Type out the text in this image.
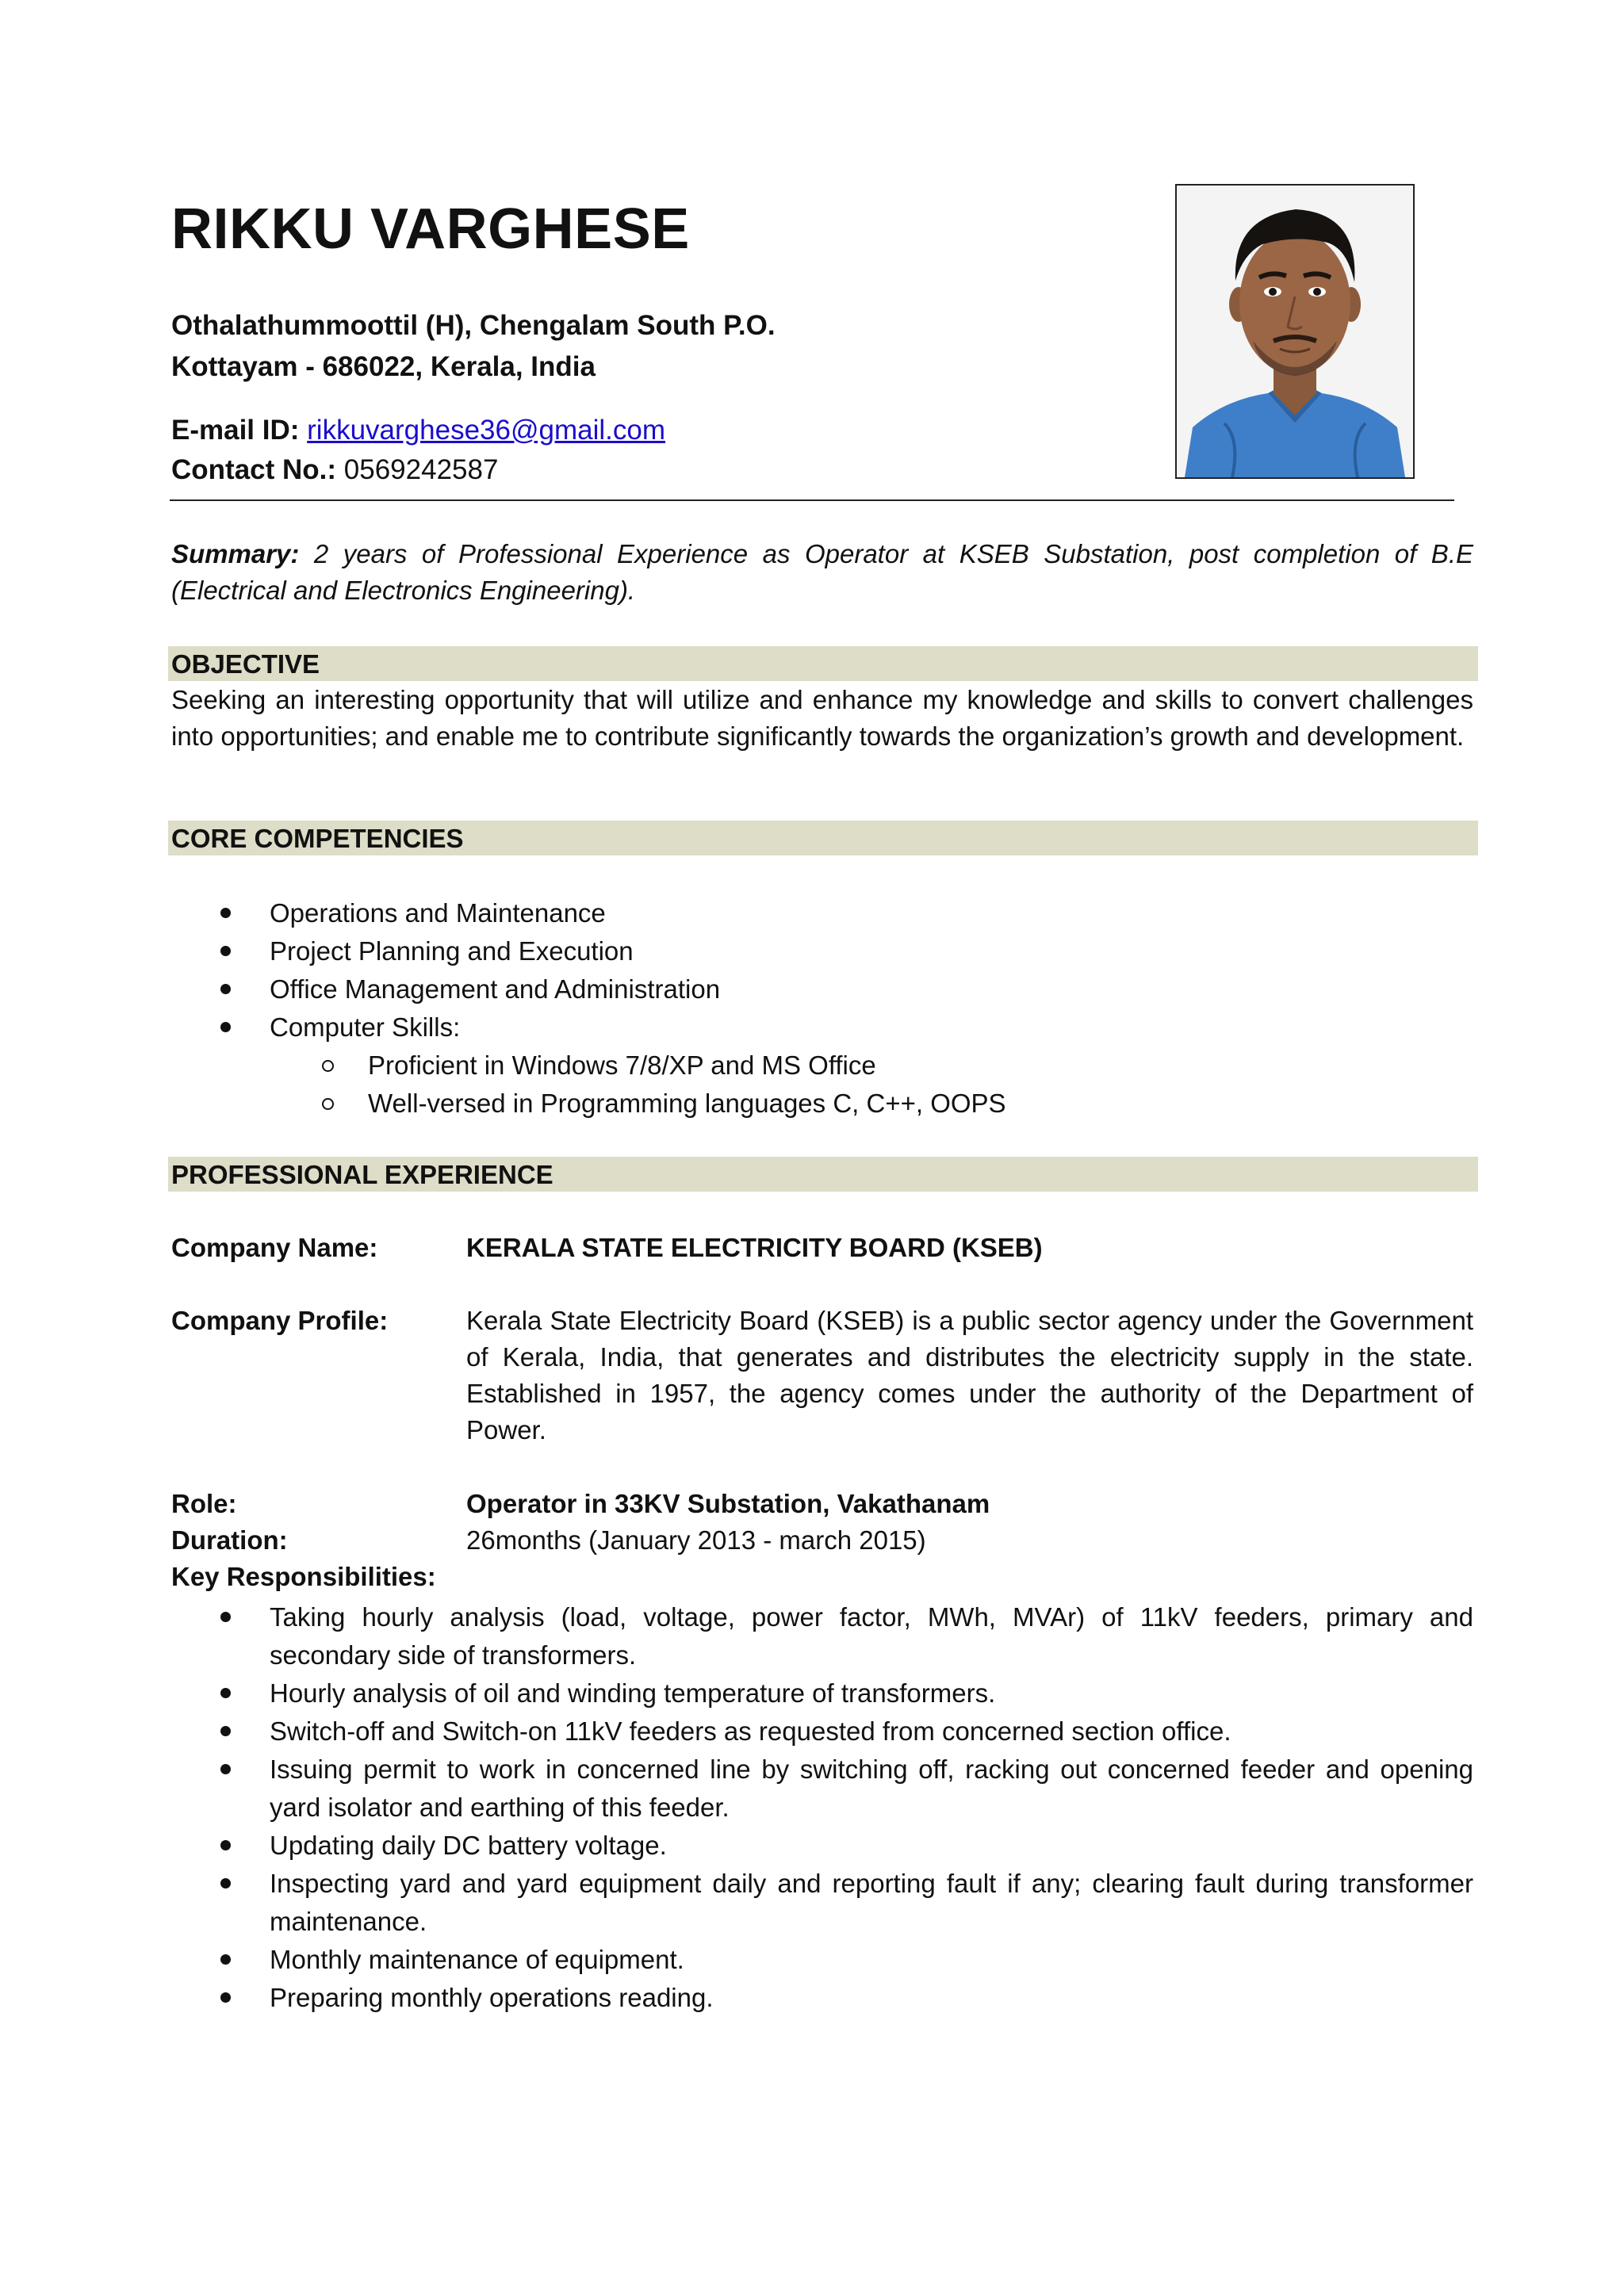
RIKKU VARGHESE
Othalathummoottil (H), Chengalam South P.O.
Kottayam - 686022, Kerala, India
E-mail ID: rikkuvarghese36@gmail.com
Contact No.: 0569242587
Summary: 2 years of Professional Experience as Operator at KSEB Substation, post completion of B.E (Electrical and Electronics Engineering).
OBJECTIVE
Seeking an interesting opportunity that will utilize and enhance my knowledge and skills to convert challenges into opportunities; and enable me to contribute significantly towards the organization’s growth and development.
CORE COMPETENCIES
Operations and Maintenance
Project Planning and Execution
Office Management and Administration
Computer Skills:
Proficient in Windows 7/8/XP and MS Office
Well-versed in Programming languages C, C++, OOPS
PROFESSIONAL EXPERIENCE
Company Name:	KERALA STATE ELECTRICITY BOARD (KSEB)
Company Profile:	Kerala State Electricity Board (KSEB) is a public sector agency under the Government of Kerala, India, that generates and distributes the electricity supply in the state. Established in 1957, the agency comes under the authority of the Department of Power.
Role:	Operator in 33KV Substation, Vakathanam
Duration:	26months (January 2013 - march 2015)
Key Responsibilities:
Taking hourly analysis (load, voltage, power factor, MWh, MVAr) of 11kV feeders, primary and secondary side of transformers.
Hourly analysis of oil and winding temperature of transformers.
Switch-off and Switch-on 11kV feeders as requested from concerned section office.
Issuing permit to work in concerned line by switching off, racking out concerned feeder and opening yard isolator and earthing of this feeder.
Updating daily DC battery voltage.
Inspecting yard and yard equipment daily and reporting fault if any; clearing fault during transformer maintenance.
Monthly maintenance of equipment.
Preparing monthly operations reading.
